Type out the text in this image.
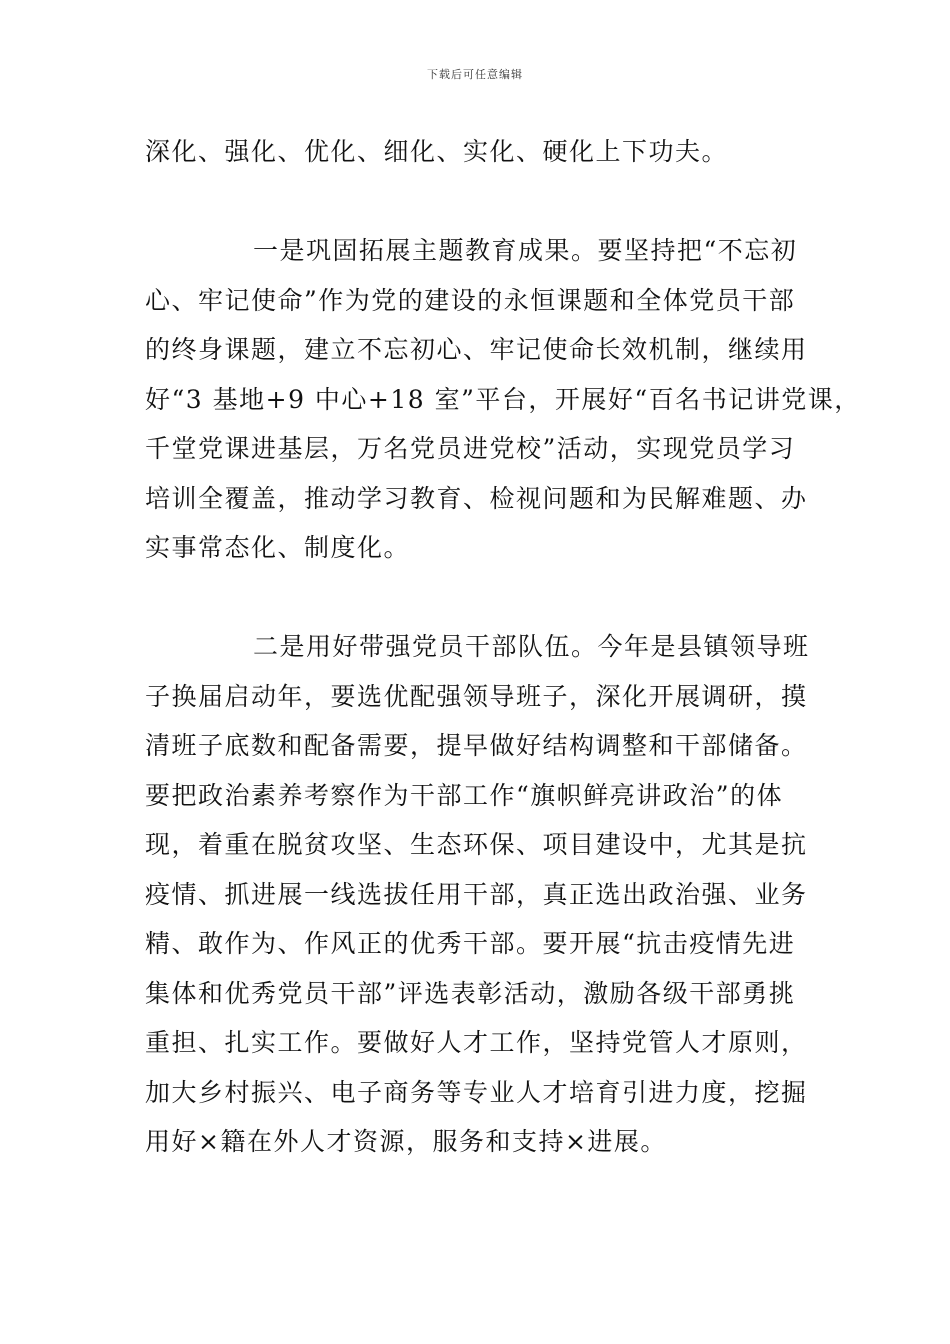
下载后可任意编辑
深化、强化、优化、细化、实化、硬化上下功夫。
一是巩固拓展主题教育成果。要坚持把“不忘初
心、牢记使命”作为党的建设的永恒课题和全体党员干部
的终身课题，建立不忘初心、牢记使命长效机制，继续用
好“3 基地+9 中心+18 室”平台，开展好“百名书记讲党课，
千堂党课进基层，万名党员进党校”活动，实现党员学习
培训全覆盖，推动学习教育、检视问题和为民解难题、办
实事常态化、制度化。
二是用好带强党员干部队伍。今年是县镇领导班
子换届启动年，要选优配强领导班子，深化开展调研，摸
清班子底数和配备需要，提早做好结构调整和干部储备。
要把政治素养考察作为干部工作“旗帜鲜亮讲政治”的体
现，着重在脱贫攻坚、生态环保、项目建设中，尤其是抗
疫情、抓进展一线选拔任用干部，真正选出政治强、业务
精、敢作为、作风正的优秀干部。要开展“抗击疫情先进
集体和优秀党员干部”评选表彰活动，激励各级干部勇挑
重担、扎实工作。要做好人才工作，坚持党管人才原则，
加大乡村振兴、电子商务等专业人才培育引进力度，挖掘
用好×籍在外人才资源，服务和支持×进展。
